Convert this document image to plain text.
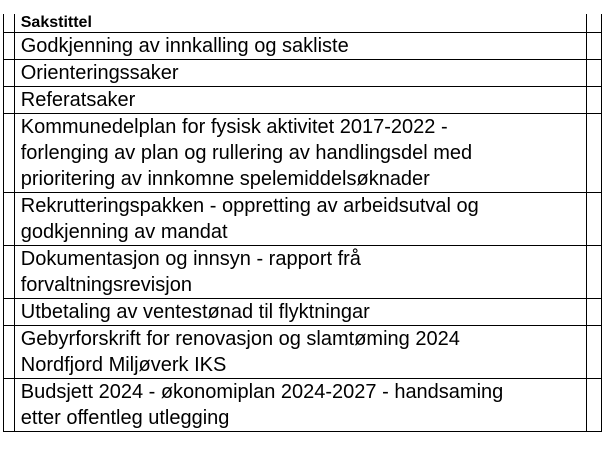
	Sakstittel	

	Godkjenning av innkalling og sakliste	

	Orienteringssaker	

	Referatsaker	

	Kommunedelplan for fysisk aktivitet 2017-2022 -
forlenging av plan og rullering av handlingsdel med
prioritering av innkomne spelemiddelsøknader	

	Rekrutteringspakken - oppretting av arbeidsutval og
godkjenning av mandat	

	Dokumentasjon og innsyn - rapport frå
forvaltningsrevisjon	

	Utbetaling av ventestønad til flyktningar	

	Gebyrforskrift for renovasjon og slamtøming 2024
Nordfjord Miljøverk IKS	

	Budsjett 2024 - økonomiplan 2024-2027 - handsaming
etter offentleg utlegging	
